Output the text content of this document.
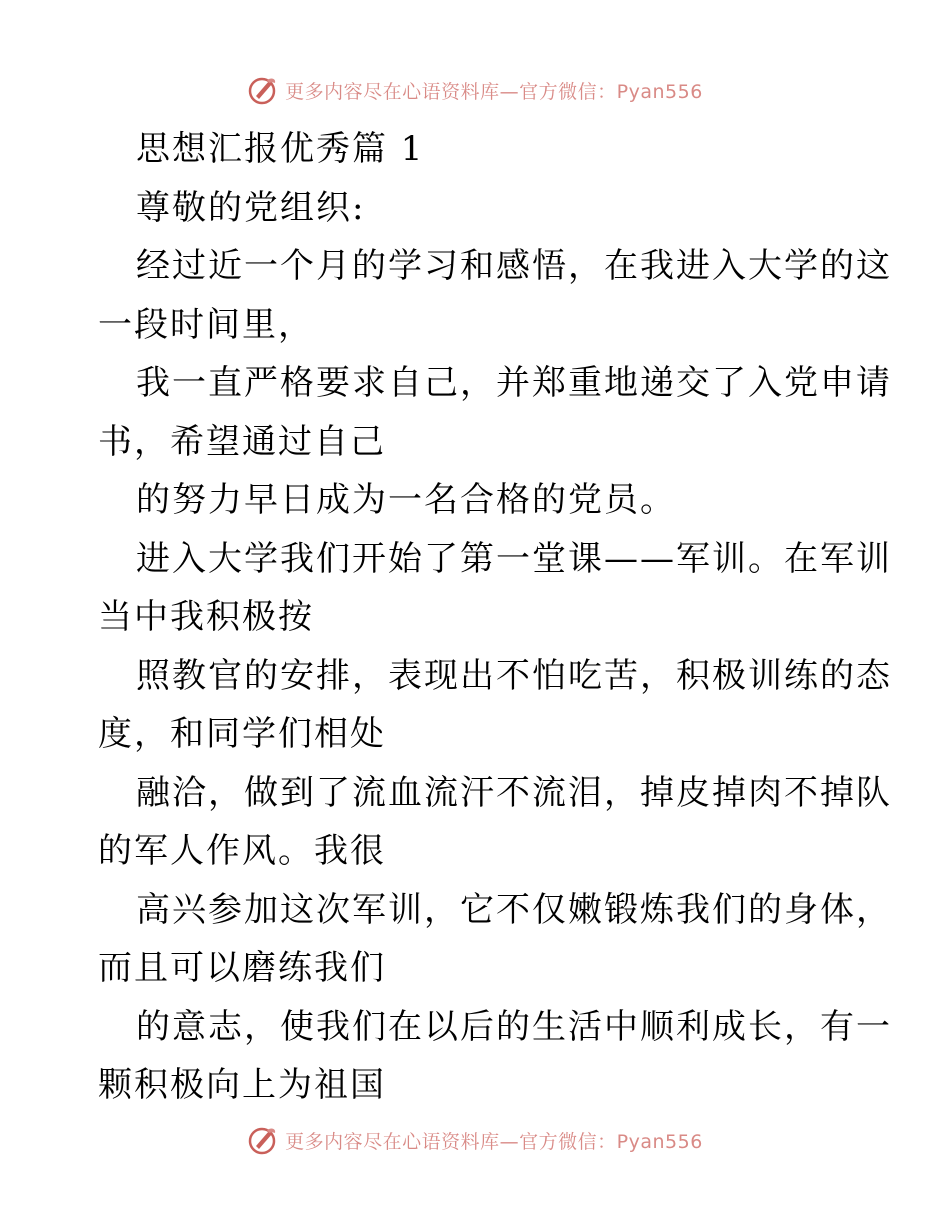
更多内容尽在心语资料库—官方微信：Pyan556
思想汇报优秀篇 1
尊敬的党组织:
经过近一个月的学习和感悟，在我进入大学的这
一段时间里，
我一直严格要求自己，并郑重地递交了入党申请
书，希望通过自己
的努力早日成为一名合格的党员。
进入大学我们开始了第一堂课——军训。在军训
当中我积极按
照教官的安排，表现出不怕吃苦，积极训练的态
度，和同学们相处
融洽，做到了流血流汗不流泪，掉皮掉肉不掉队
的军人作风。我很
高兴参加这次军训，它不仅嫩锻炼我们的身体，
而且可以磨练我们
的意志，使我们在以后的生活中顺利成长，有一
颗积极向上为祖国
更多内容尽在心语资料库—官方微信：Pyan556
